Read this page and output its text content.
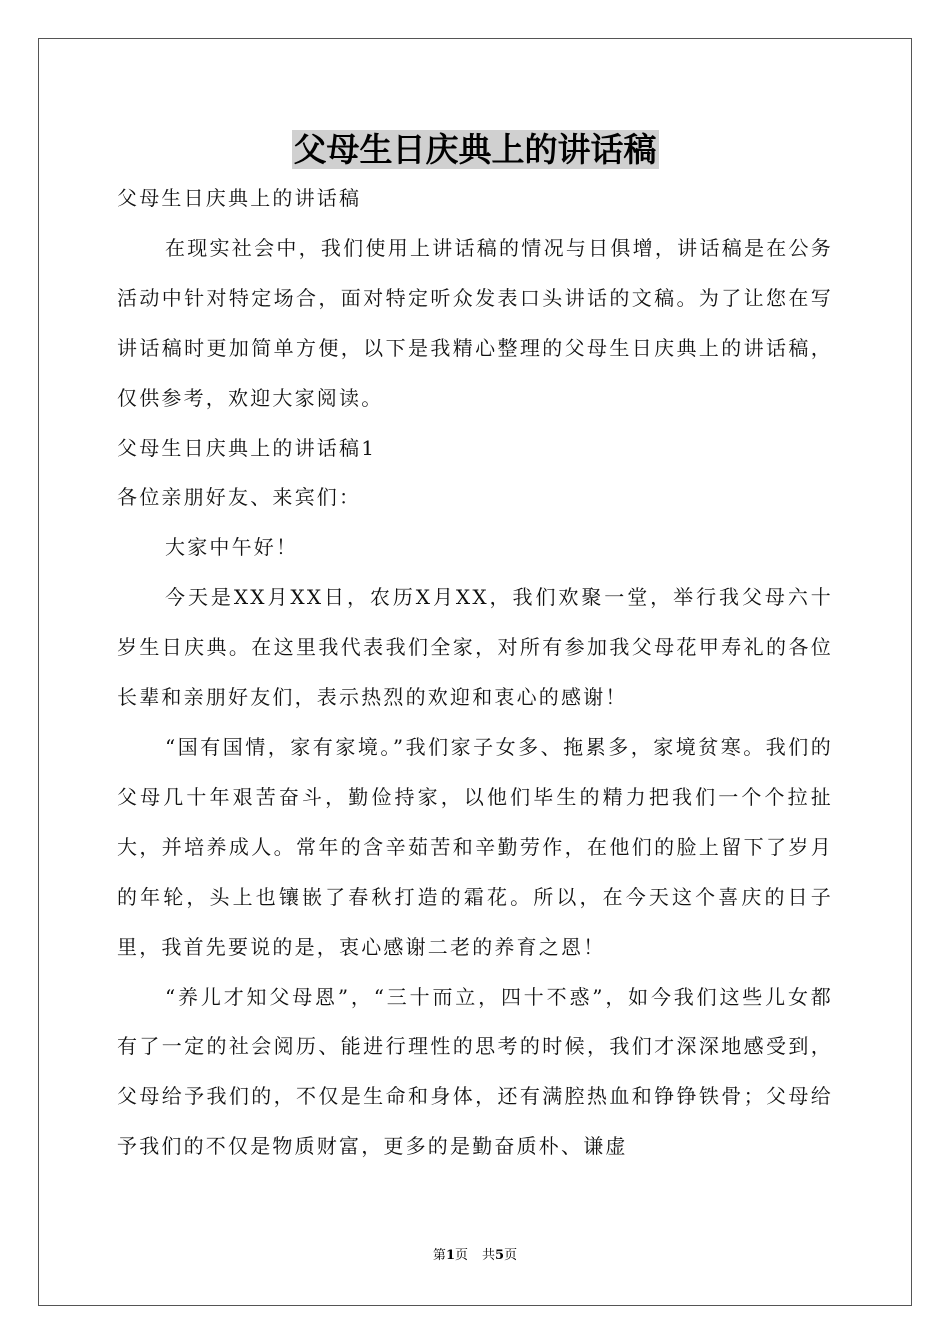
父母生日庆典上的讲话稿

父母生日庆典上的讲话稿

在现实社会中，我们使用上讲话稿的情况与日俱增，讲话稿是在公务活动中针对特定场合，面对特定听众发表口头讲话的文稿。为了让您在写讲话稿时更加简单方便，以下是我精心整理的父母生日庆典上的讲话稿，仅供参考，欢迎大家阅读。

父母生日庆典上的讲话稿1

各位亲朋好友、来宾们：

大家中午好！

今天是XX月XX日，农历X月XX，我们欢聚一堂，举行我父母六十岁生日庆典。在这里我代表我们全家，对所有参加我父母花甲寿礼的各位长辈和亲朋好友们，表示热烈的欢迎和衷心的感谢！

“国有国情，家有家境。”我们家子女多、拖累多，家境贫寒。我们的父母几十年艰苦奋斗，勤俭持家，以他们毕生的精力把我们一个个拉扯大，并培养成人。常年的含辛茹苦和辛勤劳作，在他们的脸上留下了岁月的年轮，头上也镶嵌了春秋打造的霜花。所以，在今天这个喜庆的日子里，我首先要说的是，衷心感谢二老的养育之恩！

“养儿才知父母恩”，“三十而立，四十不惑”，如今我们这些儿女都有了一定的社会阅历、能进行理性的思考的时候，我们才深深地感受到，父母给予我们的，不仅是生命和身体，还有满腔热血和铮铮铁骨；父母给予我们的不仅是物质财富，更多的是勤奋质朴、谦虚

第1页 共5页
